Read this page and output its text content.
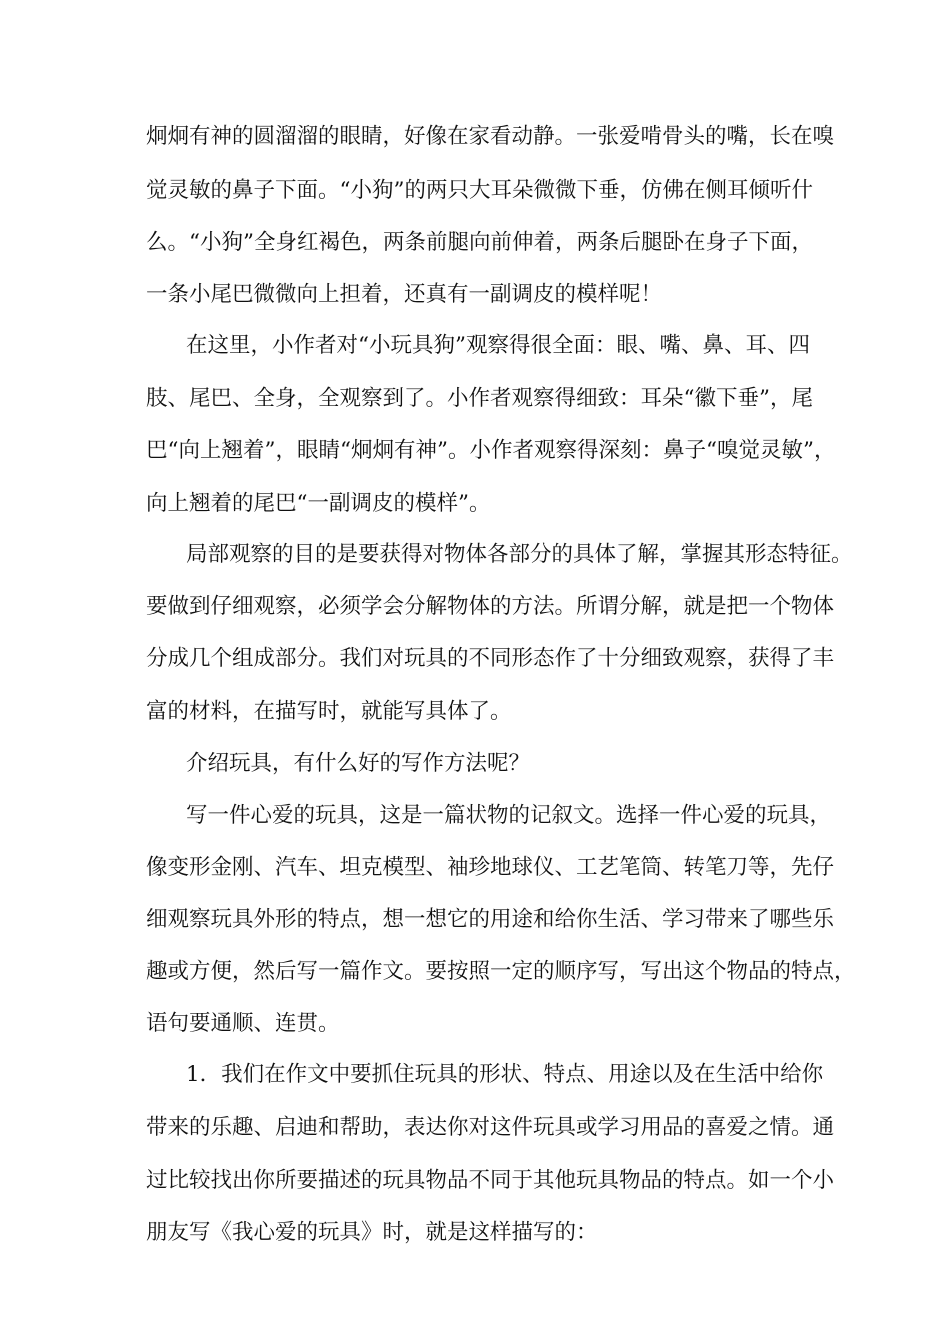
炯炯有神的圆溜溜的眼睛，好像在家看动静。一张爱啃骨头的嘴，长在嗅
觉灵敏的鼻子下面。“小狗”的两只大耳朵微微下垂，仿佛在侧耳倾听什
么。“小狗”全身红褐色，两条前腿向前伸着，两条后腿卧在身子下面，
一条小尾巴微微向上担着，还真有一副调皮的模样呢！
在这里，小作者对“小玩具狗”观察得很全面：眼、嘴、鼻、耳、四
肢、尾巴、全身，全观察到了。小作者观察得细致：耳朵“徽下垂”，尾
巴“向上翘着”，眼睛“炯炯有神”。小作者观察得深刻：鼻子“嗅觉灵敏”，
向上翘着的尾巴“一副调皮的模样”。
局部观察的目的是要获得对物体各部分的具体了解，掌握其形态特征。
要做到仔细观察，必须学会分解物体的方法。所谓分解，就是把一个物体
分成几个组成部分。我们对玩具的不同形态作了十分细致观察，获得了丰
富的材料，在描写时，就能写具体了。
介绍玩具，有什么好的写作方法呢？
写一件心爱的玩具，这是一篇状物的记叙文。选择一件心爱的玩具，
像变形金刚、汽车、坦克模型、袖珍地球仪、工艺笔筒、转笔刀等，先仔
细观察玩具外形的特点，想一想它的用途和给你生活、学习带来了哪些乐
趣或方便，然后写一篇作文。要按照一定的顺序写，写出这个物品的特点，
语句要通顺、连贯。
1．我们在作文中要抓住玩具的形状、特点、用途以及在生活中给你
带来的乐趣、启迪和帮助，表达你对这件玩具或学习用品的喜爱之情。通
过比较找出你所要描述的玩具物品不同于其他玩具物品的特点。如一个小
朋友写《我心爱的玩具》时，就是这样描写的：
